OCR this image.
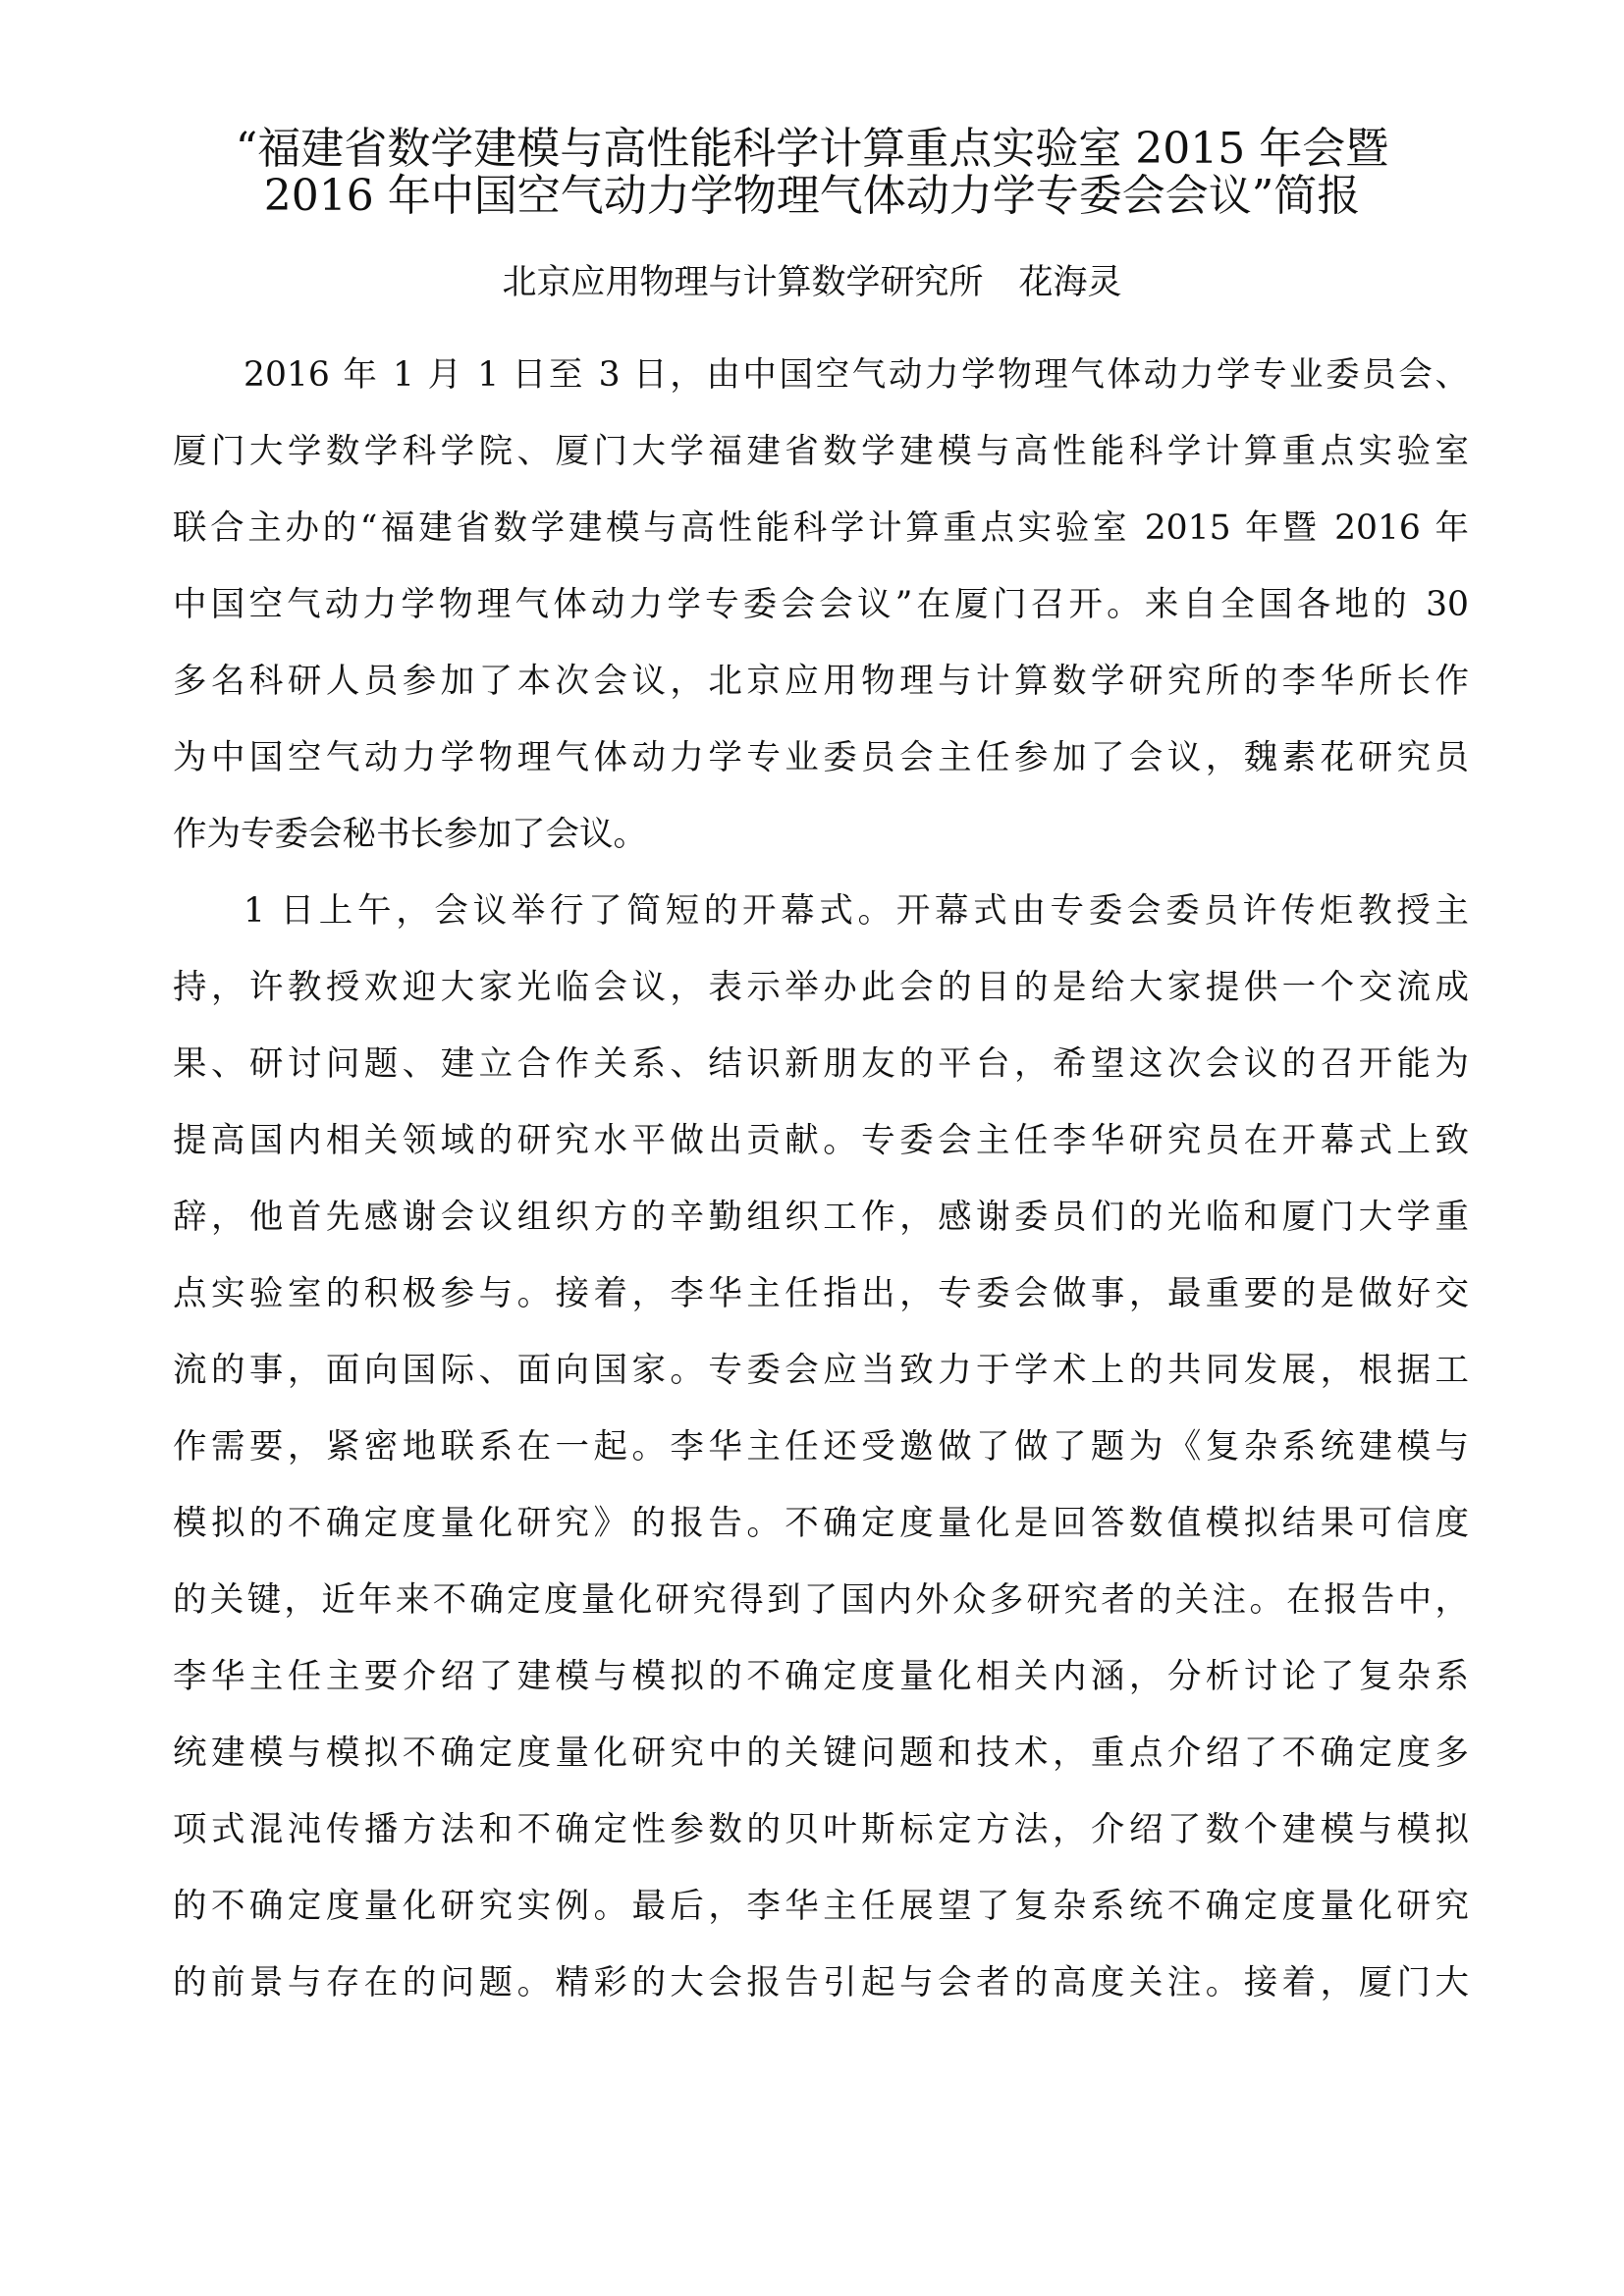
“福建省数学建模与高性能科学计算重点实验室 2015 年会暨
2016 年中国空气动力学物理气体动力学专委会会议”简报

北京应用物理与计算数学研究所 花海灵

2016 年 1 月 1 日至 3 日，由中国空气动力学物理气体动力学专业委员会、

厦门大学数学科学院、厦门大学福建省数学建模与高性能科学计算重点实验室

联合主办的“福建省数学建模与高性能科学计算重点实验室 2015 年暨 2016 年

中国空气动力学物理气体动力学专委会会议”在厦门召开。来自全国各地的 30

多名科研人员参加了本次会议，北京应用物理与计算数学研究所的李华所长作

为中国空气动力学物理气体动力学专业委员会主任参加了会议，魏素花研究员

作为专委会秘书长参加了会议。

1 日上午，会议举行了简短的开幕式。开幕式由专委会委员许传炬教授主

持，许教授欢迎大家光临会议，表示举办此会的目的是给大家提供一个交流成

果、研讨问题、建立合作关系、结识新朋友的平台，希望这次会议的召开能为

提高国内相关领域的研究水平做出贡献。专委会主任李华研究员在开幕式上致

辞，他首先感谢会议组织方的辛勤组织工作，感谢委员们的光临和厦门大学重

点实验室的积极参与。接着，李华主任指出，专委会做事，最重要的是做好交

流的事，面向国际、面向国家。专委会应当致力于学术上的共同发展，根据工

作需要，紧密地联系在一起。李华主任还受邀做了做了题为《复杂系统建模与

模拟的不确定度量化研究》的报告。不确定度量化是回答数值模拟结果可信度

的关键，近年来不确定度量化研究得到了国内外众多研究者的关注。在报告中，

李华主任主要介绍了建模与模拟的不确定度量化相关内涵，分析讨论了复杂系

统建模与模拟不确定度量化研究中的关键问题和技术，重点介绍了不确定度多

项式混沌传播方法和不确定性参数的贝叶斯标定方法，介绍了数个建模与模拟

的不确定度量化研究实例。最后，李华主任展望了复杂系统不确定度量化研究

的前景与存在的问题。精彩的大会报告引起与会者的高度关注。接着，厦门大
